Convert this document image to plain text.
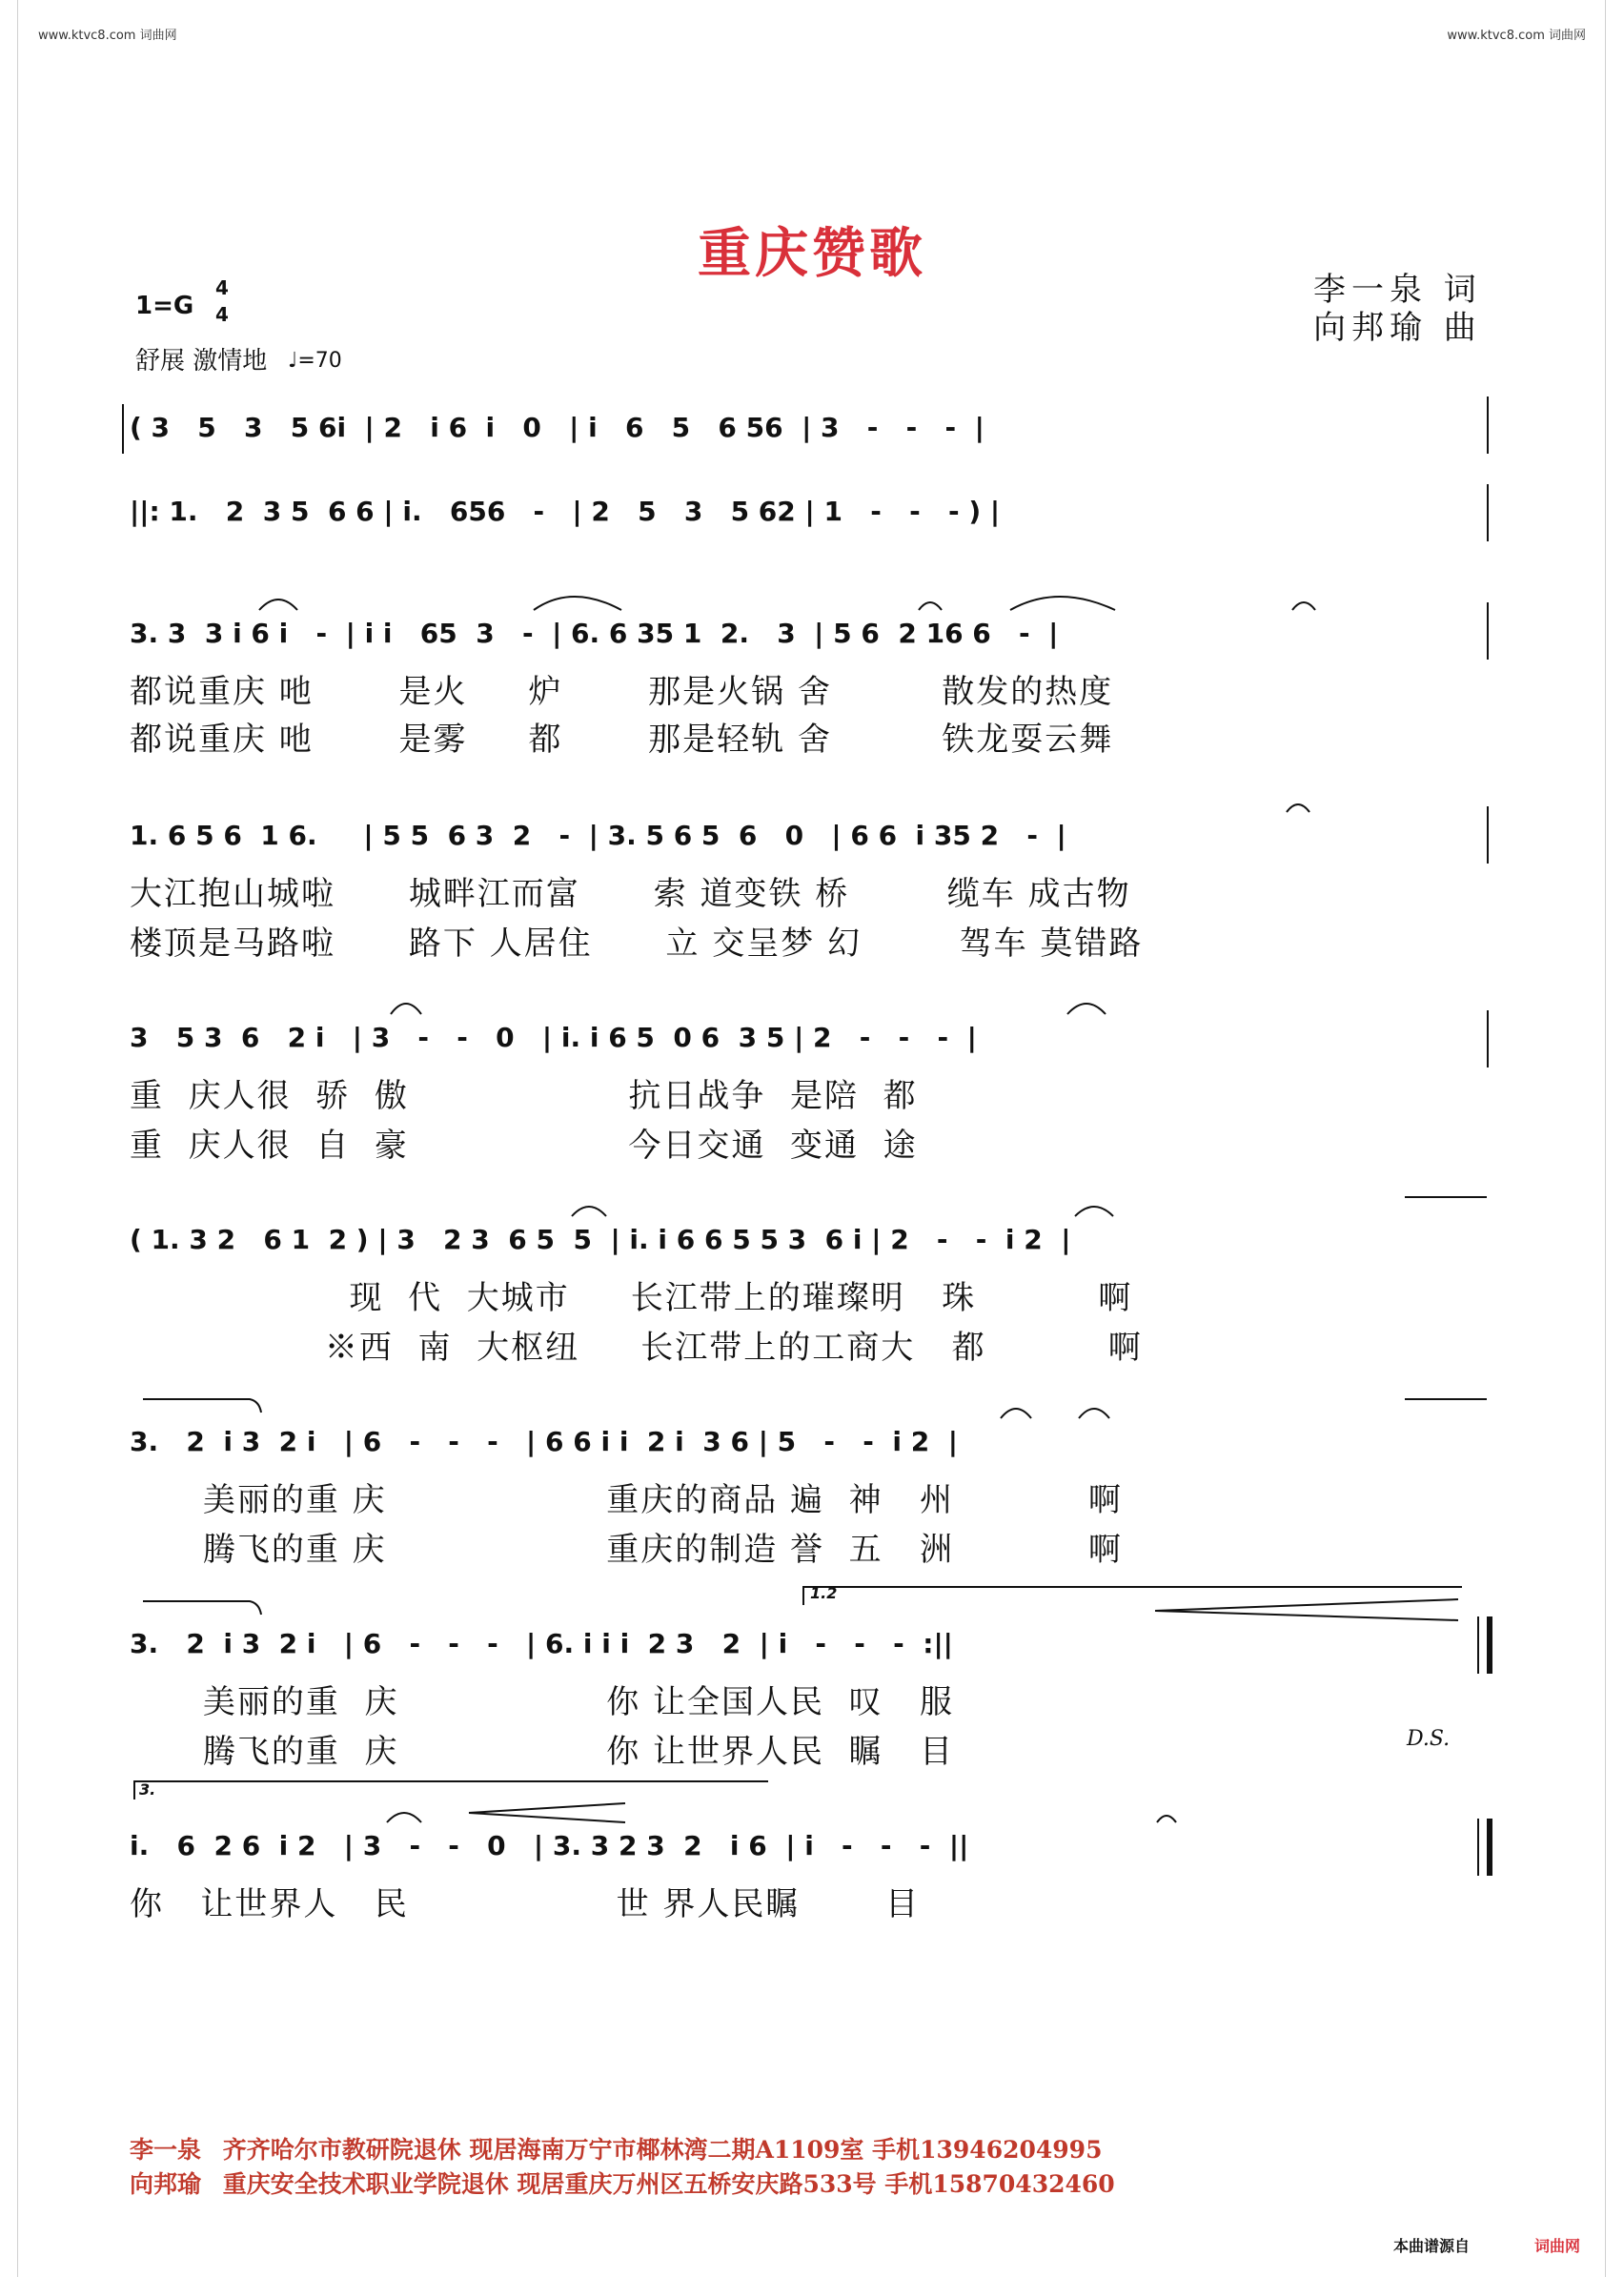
www.ktvc8.com 词曲网	www.ktvc8.com 词曲网
重庆赞歌
李一泉 词
向邦瑜 曲
1=G
4
4
舒展 激情地 ♩=70
( 3   5   3   5 6i  | 2   i 6  i   0   | i   6   5   6 56  | 3   -   -   -  |
||: 1.   2  3 5  6 6 | i.   656   -   | 2   5   3   5 62 | 1   -   -   - ) |
3. 3  3 i 6 i   -  | i i   65  3   -  | 6. 6 35 1  2.   3  | 5 6  2 16 6   -  |
都说重庆 吔       是火     炉       那是火锅 舍         散发的热度
都说重庆 吔       是雾     都       那是轻轨 舍         铁龙耍云舞
1. 6 5 6  1 6.     | 5 5  6 3  2   -  | 3. 5 6 5  6   0   | 6 6  i 35 2   -  |
大江抱山城啦      城畔江而富      索 道变铁 桥        缆车 成古物
楼顶是马路啦      路下 人居住      立 交呈梦 幻        驾车 莫错路
3   5 3  6   2 i   | 3   -   -   0   | i. i 6 5  0 6  3 5 | 2   -   -   -  |
重  庆人很  骄  傲                  抗日战争  是陪  都
重  庆人很  自  豪                  今日交通  变通  途
( 1. 3 2   6 1  2 ) | 3   2 3  6 5  5  | i. i 6 6 5 5 3  6 i | 2   -   -  i 2  |
现  代  大城市     长江带上的璀璨明   珠          啊
※西  南  大枢纽     长江带上的工商大   都          啊
3.   2  i 3  2 i   | 6   -   -   -   | 6 6 i i  2 i  3 6 | 5   -   -  i 2  |
美丽的重 庆                  重庆的商品 遍  神   州           啊
腾飞的重 庆                  重庆的制造 誉  五   洲           啊
1.2
3.   2  i 3  2 i   | 6   -   -   -   | 6. i i i  2 3   2  | i   -   -   -  :||
美丽的重  庆                 你 让全国人民  叹   服
腾飞的重  庆                 你 让世界人民  瞩   目	D.S.
3.
i.   6  2 6  i 2   | 3   -   -   0   | 3. 3 2 3  2   i 6  | i   -   -   -  ||
你   让世界人   民                 世 界人民瞩       目
李一泉 齐齐哈尔市教研院退休 现居海南万宁市椰林湾二期A1109室 手机13946204995
向邦瑜 重庆安全技术职业学院退休 现居重庆万州区五桥安庆路533号 手机15870432460
本曲谱源自	词曲网
